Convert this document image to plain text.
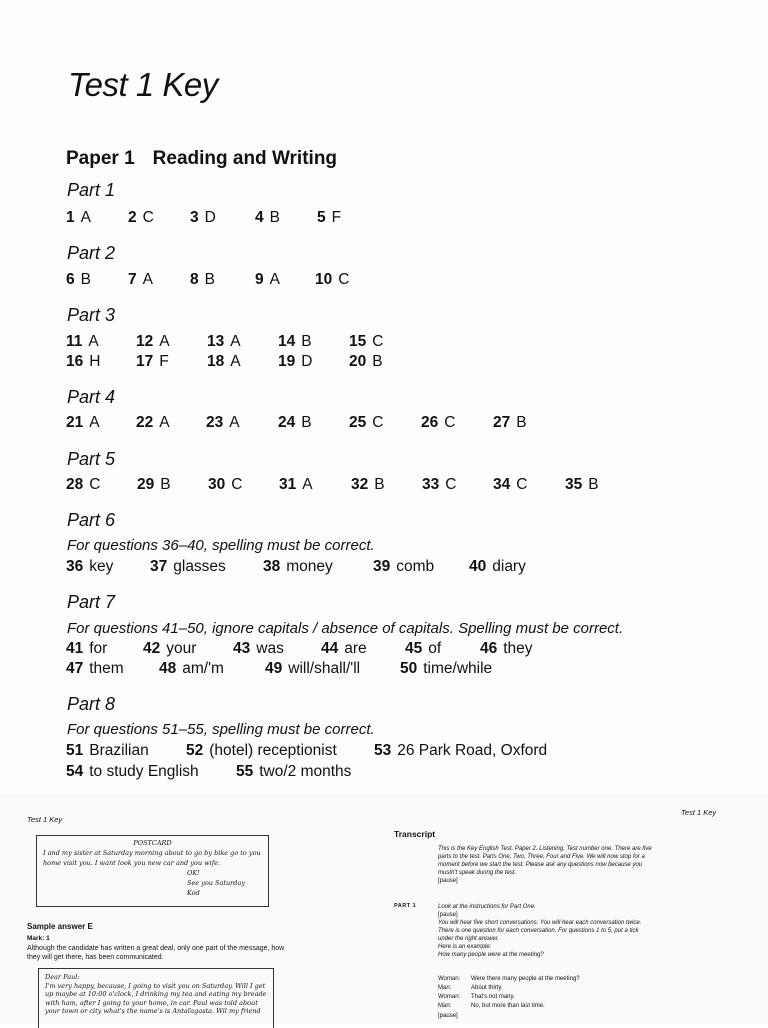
Test 1 Key
Paper 1 Reading and Writing
Part 1
1 A 2 C 3 D	4 B 5 F
Part 2
6 B 7 A 8 B	9 A 10 C
Part 3
11 A 12 A 13 A 14 B 15 C
16 H 17 F 18 A 19 D 20 B
Part 4
21 A 22 A 23 A 24 B 25 C 26 C 27 B
Part 5
28 C 29 B 30 C 31 A 32 B 33 C 34 C 35 B
Part 6

For questions 36–40, spelling must be correct.

36 key 37 glasses 38 money	39 comb 40 diary
Part 7

For questions 41–50, ignore capitals / absence of capitals. Spelling must be correct.

41 for 42 your 43 was 44 are 45 of	46 they
47 them 48 am/'m	49 will/shall/'ll	50 time/while
Part 8

For questions 51–55, spelling must be correct.

51 Brazilian 52 (hotel) receptionist 53 26 Park Road, Oxford
54 to study English 55 two/2 months
Test 1 Key
Test 1 Key
POSTCARD
I and my sister at Saturday morning about to go by bike go to you
home visit you. I want look you new car and you wife.
OK!
See you Saturday
Kod
Sample answer E
Mark: 1
Although the candidate has written a great deal, only one part of the message, how they will get there, has been communicated.
Dear Paul:
I'm very happy, because, I going to visit you on Saturday. Will I get
up maybe at 10:00 o'clock, I drinking my tea and eating my breade
with ham, after I going to your home, in car. Paul was told about
your town or city what's the name's is Antaľagasta. Wil my friend
Transcript
This is the Key English Test. Paper 2. Listening. Test number one. There are five
parts to the test. Parts One, Two, Three, Four and Five. We will now stop for a
moment before we start the test. Please ask any questions now because you
mustn't speak during the test.
[pause]
PART 1	Look at the instructions for Part One.
[pause]
You will hear five short conversations. You will hear each conversation twice.
There is one question for each conversation. For questions 1 to 5, put a tick
under the right answer.
Here is an example:
How many people were at the meeting?
Woman: Were there many people at the meeting?
Man:	About thirty.
Woman: That's not many.
Man:	No, but more than last time.
[pause]
